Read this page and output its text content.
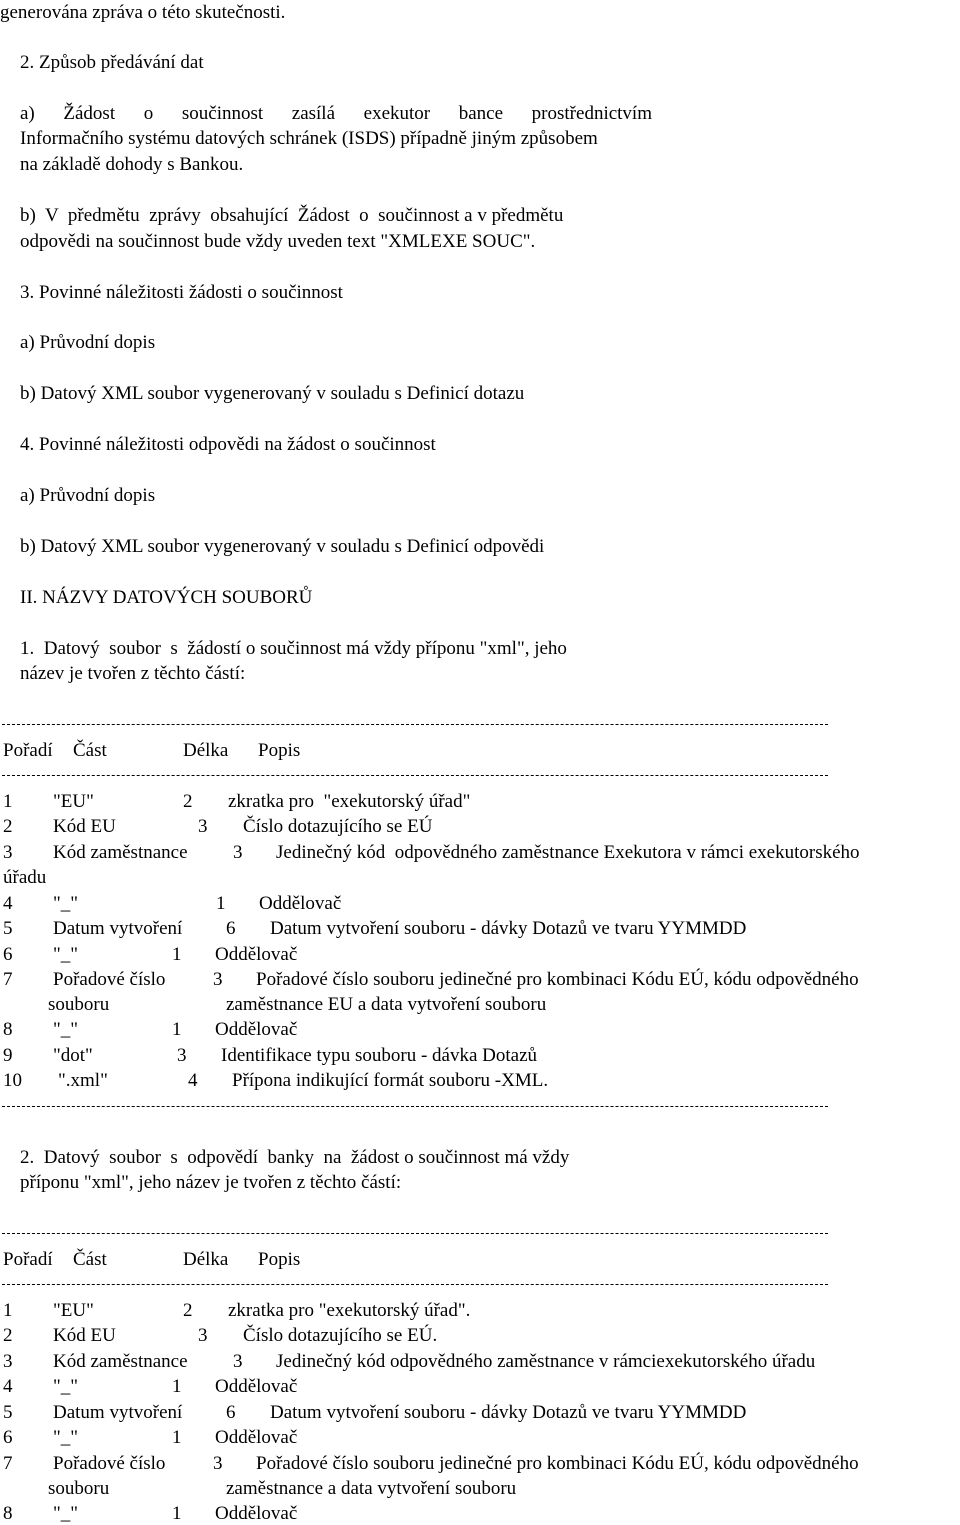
generována zpráva o této skutečnosti.
2. Způsob předávání dat
a)  Žádost  o  součinnost  zasílá  exekutor  bance  prostřednictvím
Informačního systému datových schránek (ISDS) případně jiným způsobem
na základě dohody s Bankou.
b)  V  předmětu  zprávy  obsahující  Žádost  o  součinnost a v předmětu
odpovědi na součinnost bude vždy uveden text "XMLEXE SOUC".
3. Povinné náležitosti žádosti o součinnost
a) Průvodní dopis
b) Datový XML soubor vygenerovaný v souladu s Definicí dotazu
4. Povinné náležitosti odpovědi na žádost o součinnost
a) Průvodní dopis
b) Datový XML soubor vygenerovaný v souladu s Definicí odpovědi
II. NÁZVY DATOVÝCH SOUBORŮ
1.  Datový  soubor  s  žádostí o součinnost má vždy příponu "xml", jeho
název je tvořen z těchto částí:
Pořadí Část	Délka Popis
1 "EU"	2 zkratka pro  "exekutorský úřad"
2 Kód EU	3 Číslo dotazujícího se EÚ
3 Kód zaměstnance 3 Jedinečný kód  odpovědného zaměstnance Exekutora v rámci exekutorského
úřadu
4 "_"	1 Oddělovač
5 Datum vytvoření 6 Datum vytvoření souboru - dávky Dotazů ve tvaru YYMMDD
6 "_"	1 Oddělovač
7 Pořadové číslo	3 Pořadové číslo souboru jedinečné pro kombinaci Kódu EÚ, kódu odpovědného
souboru	zaměstnance EU a data vytvoření souboru
8 "_"	1 Oddělovač
9 "dot"	3 Identifikace typu souboru - dávka Dotazů
10 ".xml"	4 Přípona indikující formát souboru -XML.
2.  Datový  soubor  s  odpovědí  banky  na  žádost o součinnost má vždy
příponu "xml", jeho název je tvořen z těchto částí:
Pořadí Část	Délka Popis
1 "EU"	2 zkratka pro "exekutorský úřad".
2 Kód EU	3 Číslo dotazujícího se EÚ.
3 Kód zaměstnance 3 Jedinečný kód odpovědného zaměstnance v rámciexekutorského úřadu
4 "_"	1 Oddělovač
5 Datum vytvoření 6 Datum vytvoření souboru - dávky Dotazů ve tvaru YYMMDD
6 "_"	1 Oddělovač
7 Pořadové číslo	3 Pořadové číslo souboru jedinečné pro kombinaci Kódu EÚ, kódu odpovědného
souboru	zaměstnance a data vytvoření souboru
8 "_"	1 Oddělovač
